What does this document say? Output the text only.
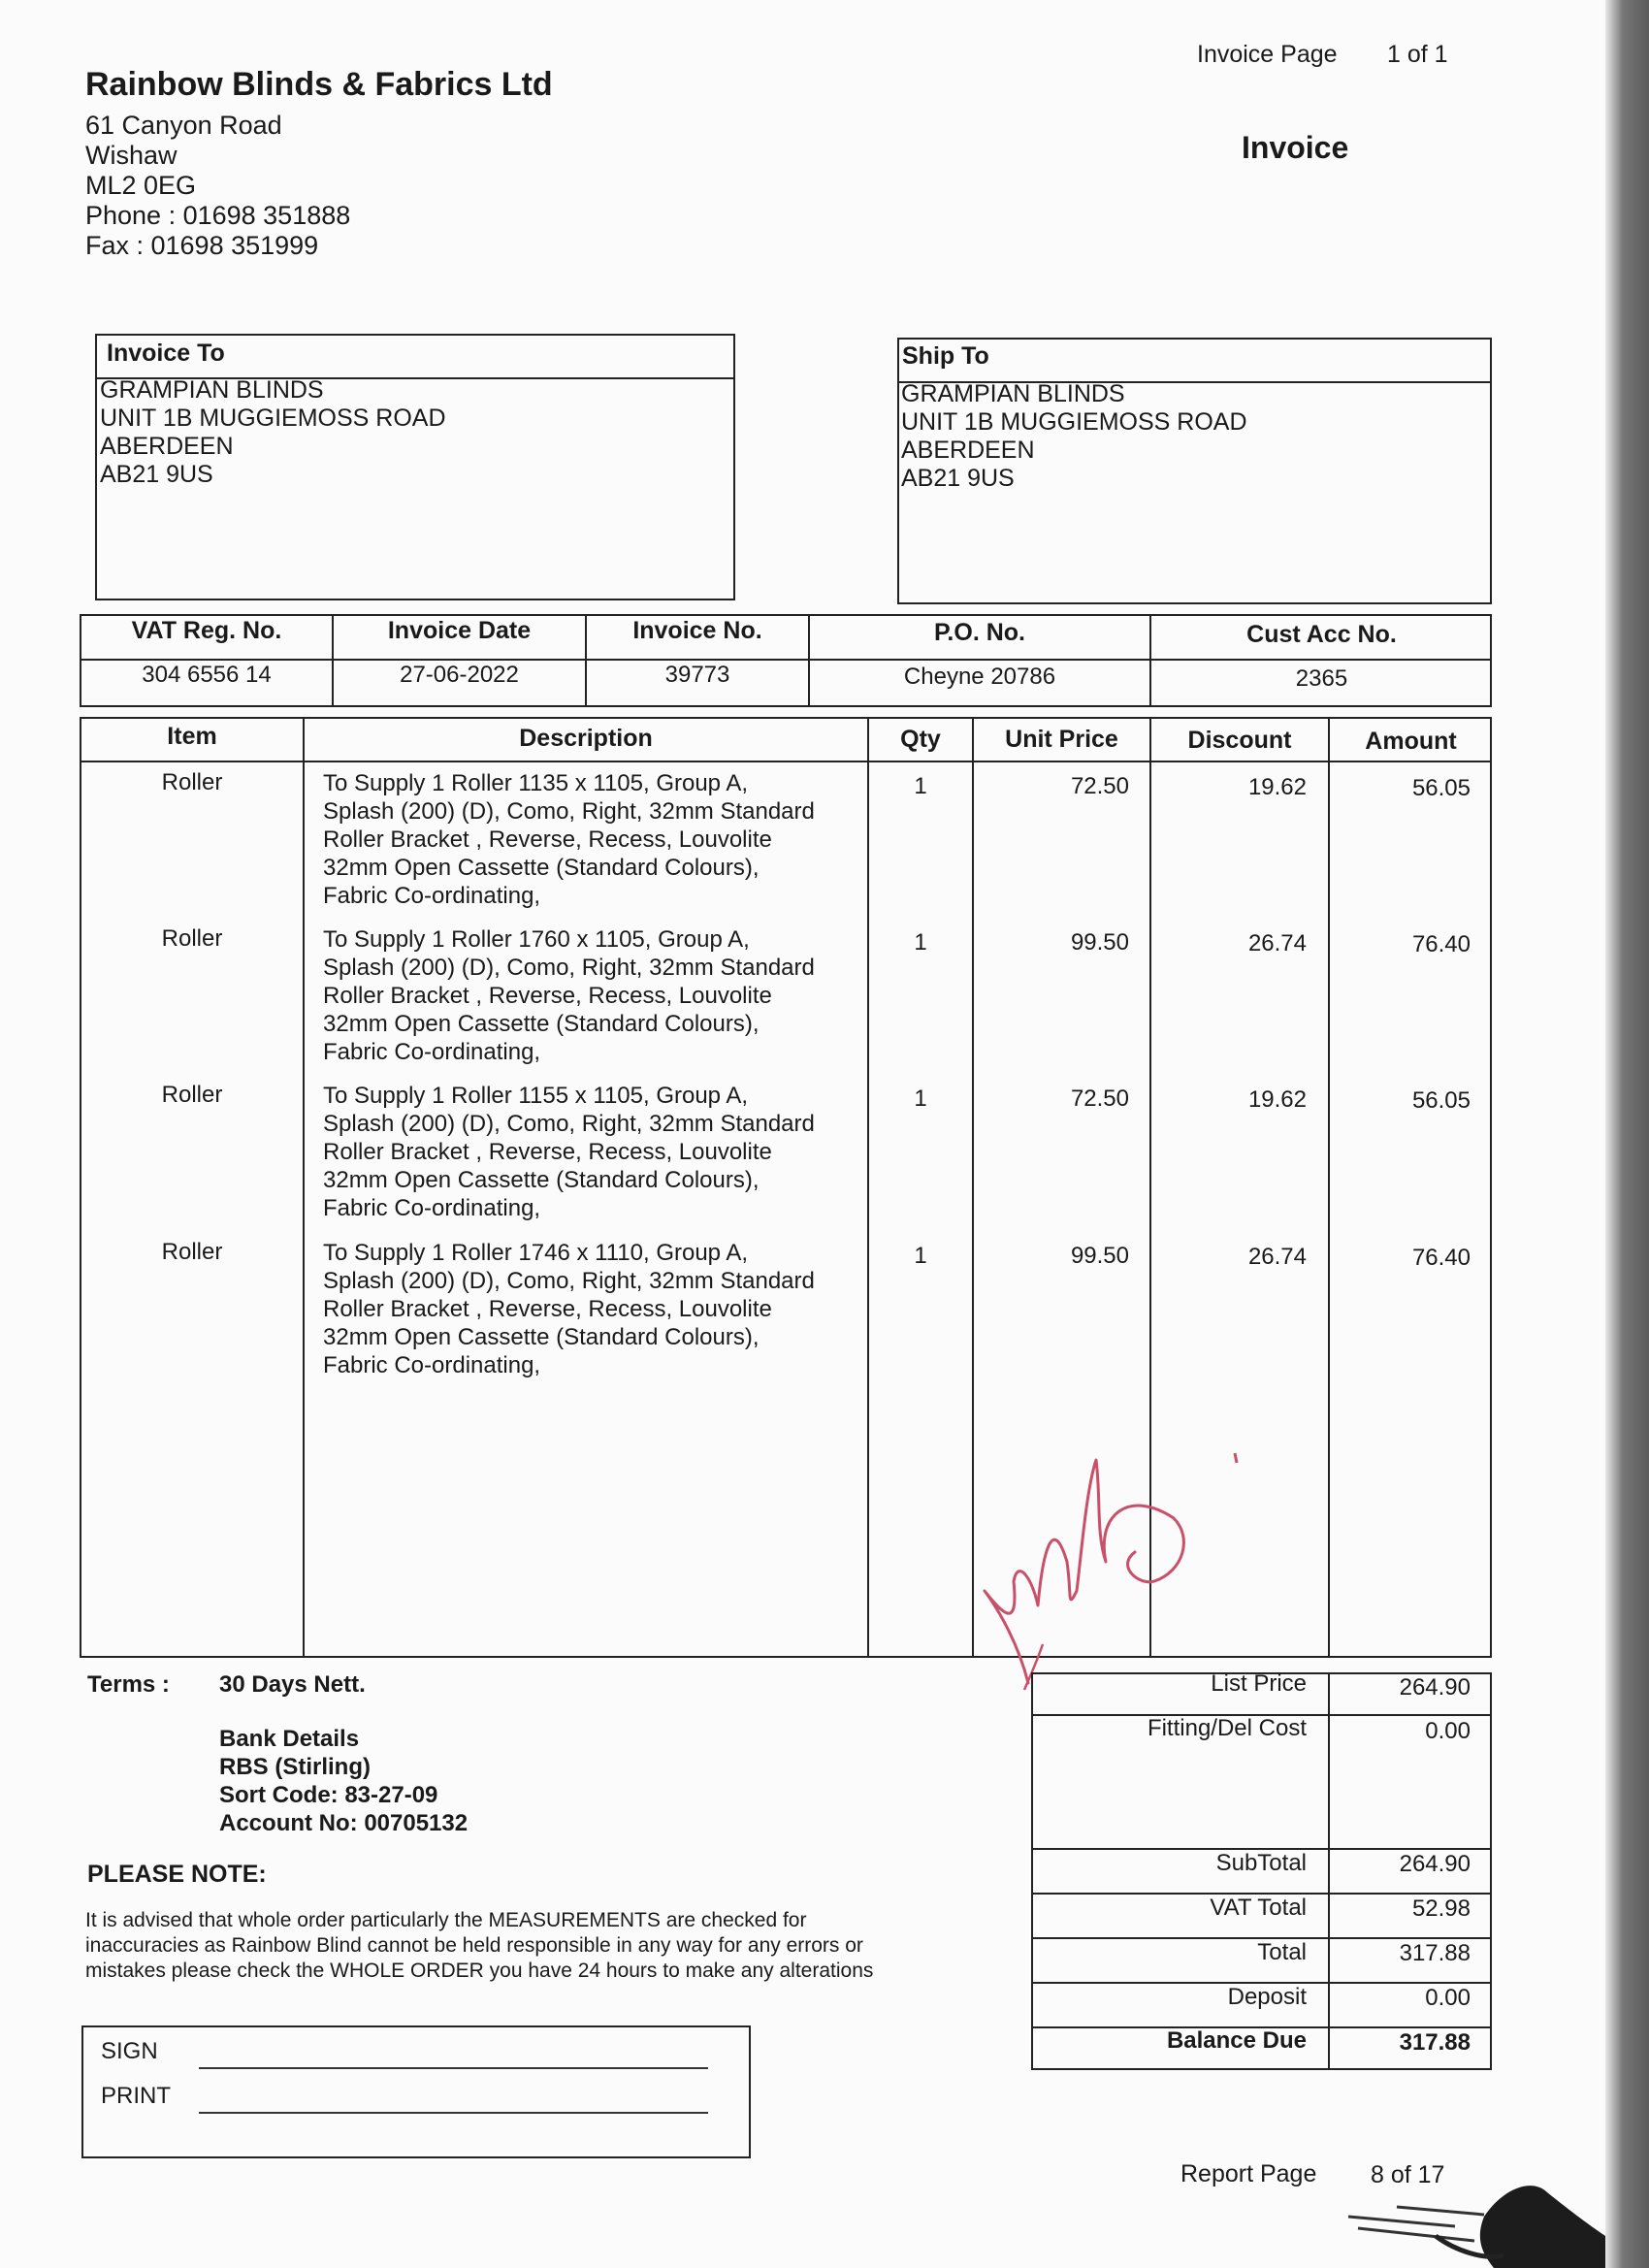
Invoice Page 1 of 1
Invoice
Rainbow Blinds & Fabrics Ltd
61 Canyon Road
Wishaw
ML2 0EG
Phone : 01698 351888
Fax : 01698 351999
Invoice To
GRAMPIAN BLINDS
UNIT 1B MUGGIEMOSS ROAD
ABERDEEN
AB21 9US
Ship To
GRAMPIAN BLINDS
UNIT 1B MUGGIEMOSS ROAD
ABERDEEN
AB21 9US
VAT Reg. No.	Invoice Date	Invoice No.	P.O. No.	Cust Acc No.
304 6556 14	27-06-2022	39773	Cheyne 20786	2365
Item	Description	Qty	Unit Price	Discount	Amount
Roller	To Supply 1 Roller 1135 x 1105, Group A,
Splash (200) (D), Como, Right, 32mm Standard
Roller Bracket , Reverse, Recess, Louvolite
32mm Open Cassette (Standard Colours),
Fabric Co-ordinating,
1	72.50	19.62	56.05
Roller	To Supply 1 Roller 1760 x 1105, Group A,
Splash (200) (D), Como, Right, 32mm Standard
Roller Bracket , Reverse, Recess, Louvolite
32mm Open Cassette (Standard Colours),
Fabric Co-ordinating,
1	99.50	26.74	76.40
Roller	To Supply 1 Roller 1155 x 1105, Group A,
Splash (200) (D), Como, Right, 32mm Standard
Roller Bracket , Reverse, Recess, Louvolite
32mm Open Cassette (Standard Colours),
Fabric Co-ordinating,
1	72.50	19.62	56.05
Roller	To Supply 1 Roller 1746 x 1110, Group A,
Splash (200) (D), Como, Right, 32mm Standard
Roller Bracket , Reverse, Recess, Louvolite
32mm Open Cassette (Standard Colours),
Fabric Co-ordinating,
1	99.50	26.74	76.40
Terms : 30 Days Nett.
Bank Details
RBS (Stirling)
Sort Code: 83-27-09
Account No: 00705132
PLEASE NOTE:
It is advised that whole order particularly the MEASUREMENTS are checked for
inaccuracies as Rainbow Blind cannot be held responsible in any way for any errors or
mistakes please check the WHOLE ORDER you have 24 hours to make any alterations
SIGN
PRINT
List Price	264.90
Fitting/Del Cost	0.00
SubTotal	264.90
VAT Total	52.98
Total	317.88
Deposit	0.00
Balance Due	317.88
Report Page 8 of 17
